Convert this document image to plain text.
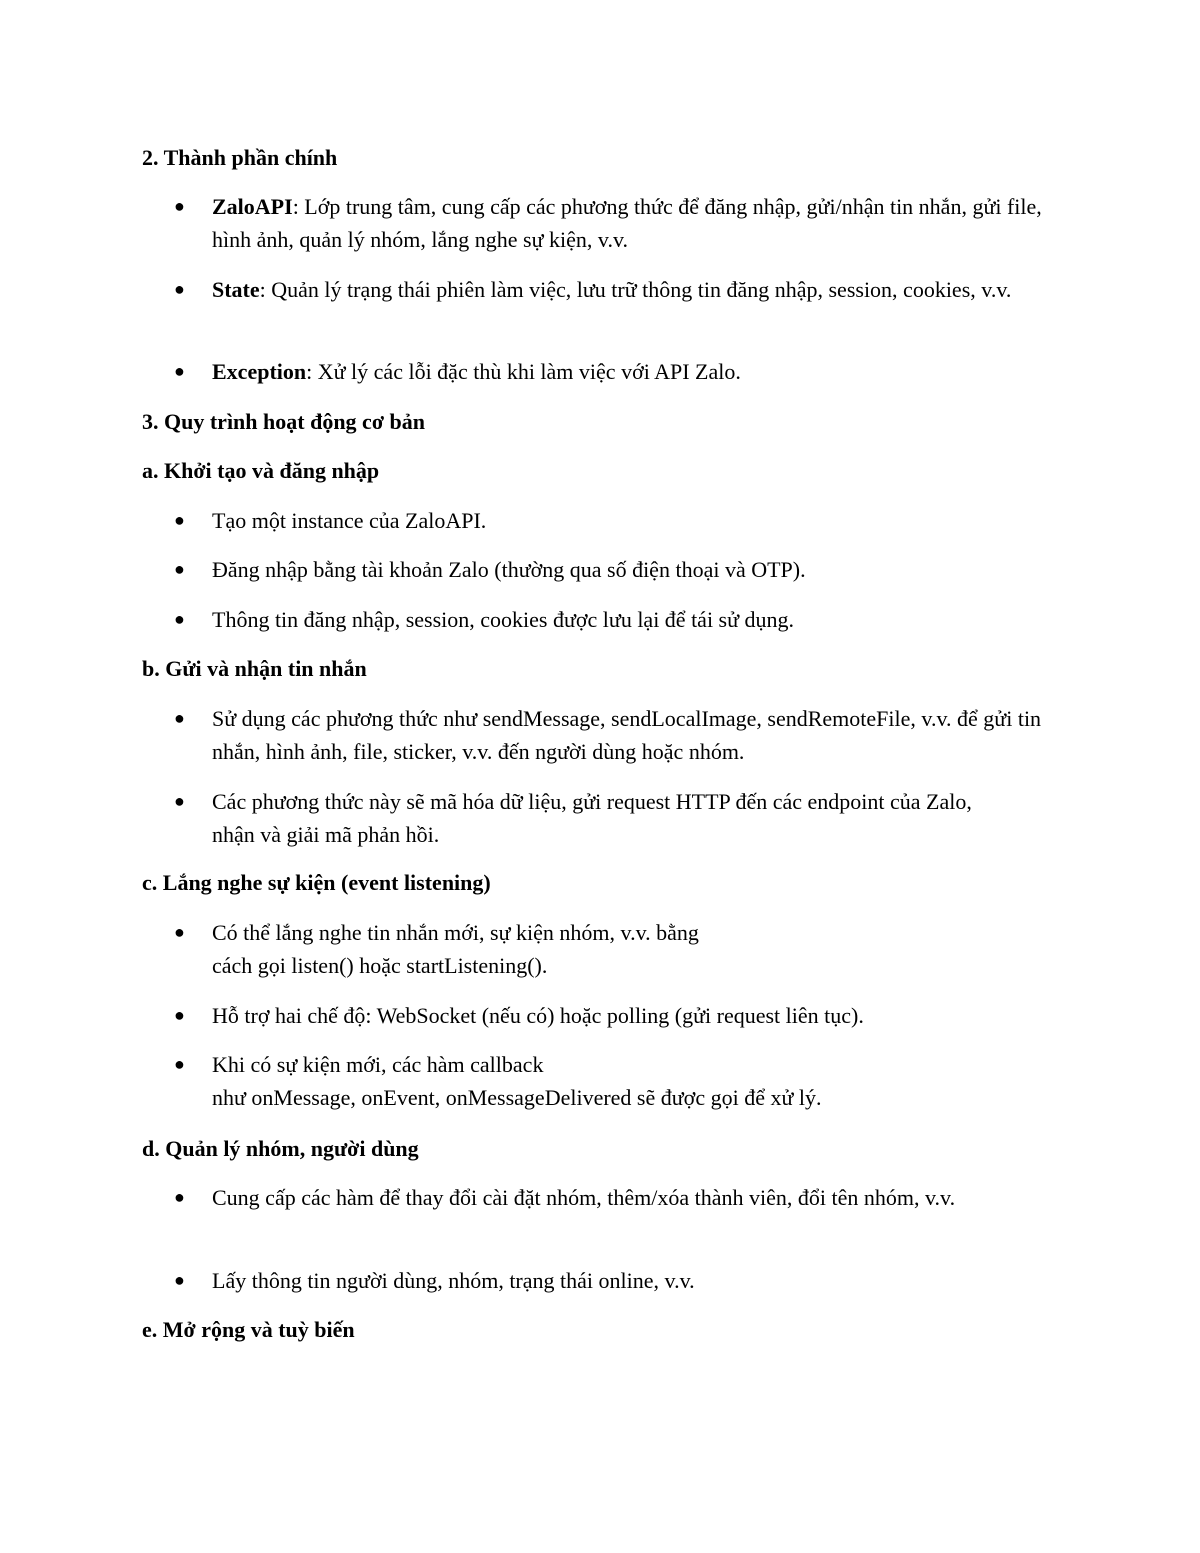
2. Thành phần chính

● ZaloAPI: Lớp trung tâm, cung cấp các phương thức để đăng nhập, gửi/nhận tin nhắn, gửi file, hình ảnh, quản lý nhóm, lắng nghe sự kiện, v.v.

● State: Quản lý trạng thái phiên làm việc, lưu trữ thông tin đăng nhập, session, cookies, v.v.

● Exception: Xử lý các lỗi đặc thù khi làm việc với API Zalo.

3. Quy trình hoạt động cơ bản

a. Khởi tạo và đăng nhập

● Tạo một instance của ZaloAPI.

● Đăng nhập bằng tài khoản Zalo (thường qua số điện thoại và OTP).

● Thông tin đăng nhập, session, cookies được lưu lại để tái sử dụng.

b. Gửi và nhận tin nhắn

● Sử dụng các phương thức như sendMessage, sendLocalImage, sendRemoteFile, v.v. để gửi tin nhắn, hình ảnh, file, sticker, v.v. đến người dùng hoặc nhóm.

● Các phương thức này sẽ mã hóa dữ liệu, gửi request HTTP đến các endpoint của Zalo, nhận và giải mã phản hồi.

c. Lắng nghe sự kiện (event listening)

● Có thể lắng nghe tin nhắn mới, sự kiện nhóm, v.v. bằng
cách gọi listen() hoặc startListening().

● Hỗ trợ hai chế độ: WebSocket (nếu có) hoặc polling (gửi request liên tục).

● Khi có sự kiện mới, các hàm callback
như onMessage, onEvent, onMessageDelivered sẽ được gọi để xử lý.

d. Quản lý nhóm, người dùng

● Cung cấp các hàm để thay đổi cài đặt nhóm, thêm/xóa thành viên, đổi tên nhóm, v.v.

● Lấy thông tin người dùng, nhóm, trạng thái online, v.v.

e. Mở rộng và tuỳ biến
